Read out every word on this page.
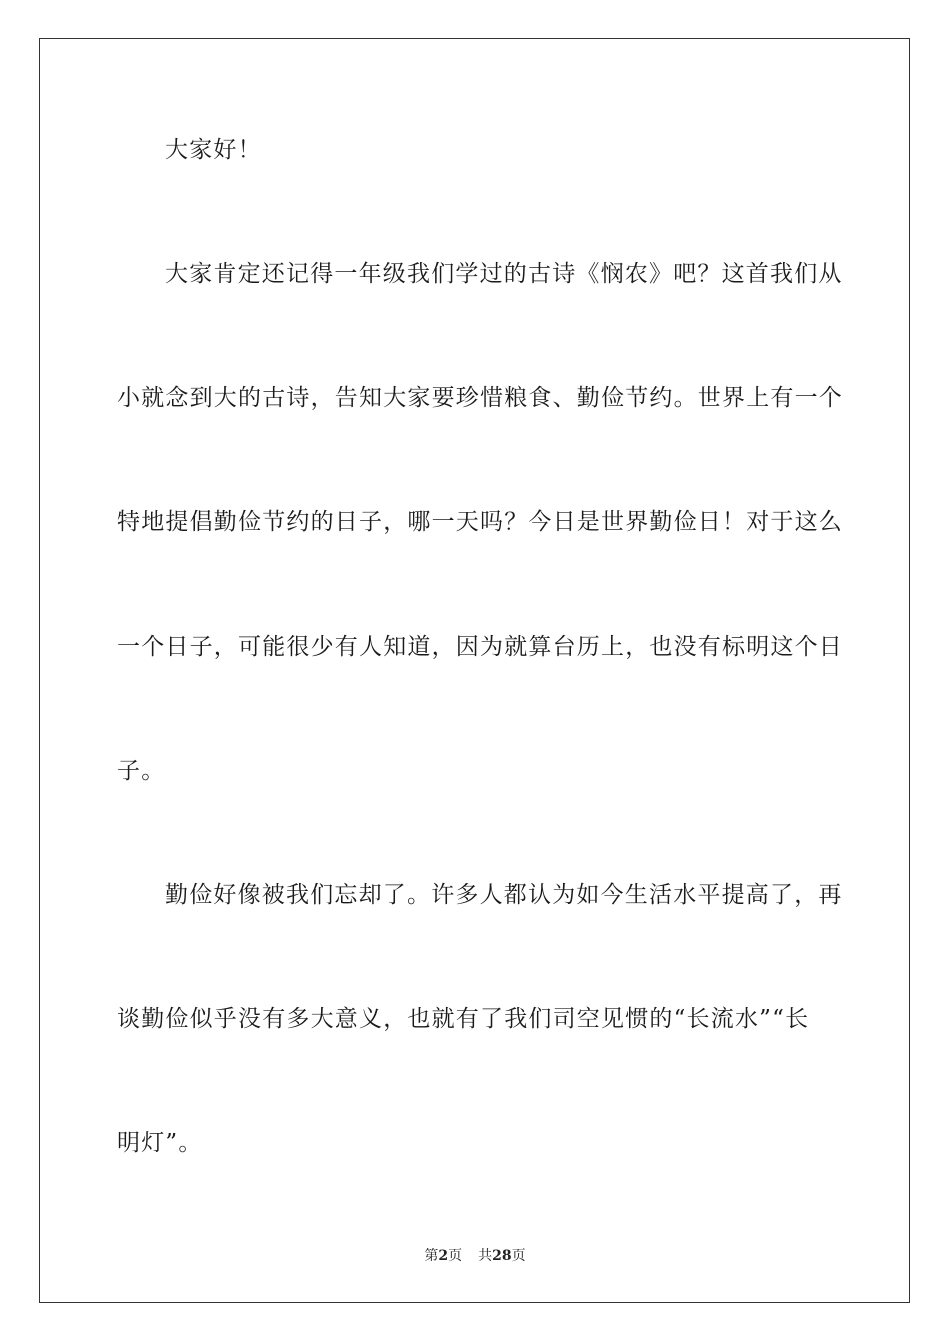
大家好！
大家肯定还记得一年级我们学过的古诗《悯农》吧？这首我们从
小就念到大的古诗，告知大家要珍惜粮食、勤俭节约。世界上有一个
特地提倡勤俭节约的日子，哪一天吗？今日是世界勤俭日！对于这么
一个日子，可能很少有人知道，因为就算台历上，也没有标明这个日
子。
勤俭好像被我们忘却了。许多人都认为如今生活水平提高了，再
谈勤俭似乎没有多大意义，也就有了我们司空见惯的“长流水”“长
明灯”。
第2页 共28页
